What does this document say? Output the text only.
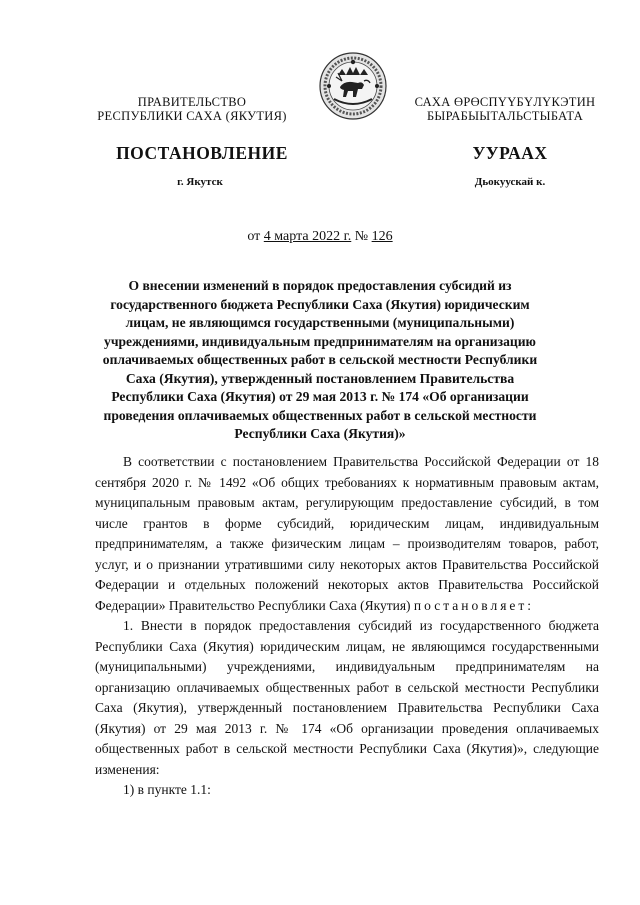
ПРАВИТЕЛЬСТВО
РЕСПУБЛИКИ САХА (ЯКУТИЯ)
САХА ӨРӨСПҮҮБҮЛҮКЭТИН
БЫРАБЫЫТАЛЬСТЫБАТА
ПОСТАНОВЛЕНИЕ	УУРААХ
г. Якутск	Дьокуускай к.
от 4 марта 2022 г. № 126
О внесении изменений в порядок предоставления субсидий из государственного бюджета Республики Саха (Якутия) юридическим лицам, не являющимся государственными (муниципальными) учреждениями, индивидуальным предпринимателям на организацию оплачиваемых общественных работ в сельской местности Республики Саха (Якутия), утвержденный постановлением Правительства Республики Саха (Якутия) от 29 мая 2013 г. № 174 «Об организации проведения оплачиваемых общественных работ в сельской местности Республики Саха (Якутия)»

В соответствии с постановлением Правительства Российской Федерации от 18 сентября 2020 г. № 1492 «Об общих требованиях к нормативным правовым актам, муниципальным правовым актам, регулирующим предоставление субсидий, в том числе грантов в форме субсидий, юридическим лицам, индивидуальным предпринимателям, а также физическим лицам – производителям товаров, работ, услуг, и о признании утратившими силу некоторых актов Правительства Российской Федерации и отдельных положений некоторых актов Правительства Российской Федерации» Правительство Республики Саха (Якутия) постановляет:

1. Внести в порядок предоставления субсидий из государственного бюджета Республики Саха (Якутия) юридическим лицам, не являющимся государственными (муниципальными) учреждениями, индивидуальным предпринимателям на организацию оплачиваемых общественных работ в сельской местности Республики Саха (Якутия), утвержденный постановлением Правительства Республики Саха (Якутия) от 29 мая 2013 г. № 174 «Об организации проведения оплачиваемых общественных работ в сельской местности Республики Саха (Якутия)», следующие изменения:

1) в пункте 1.1:
